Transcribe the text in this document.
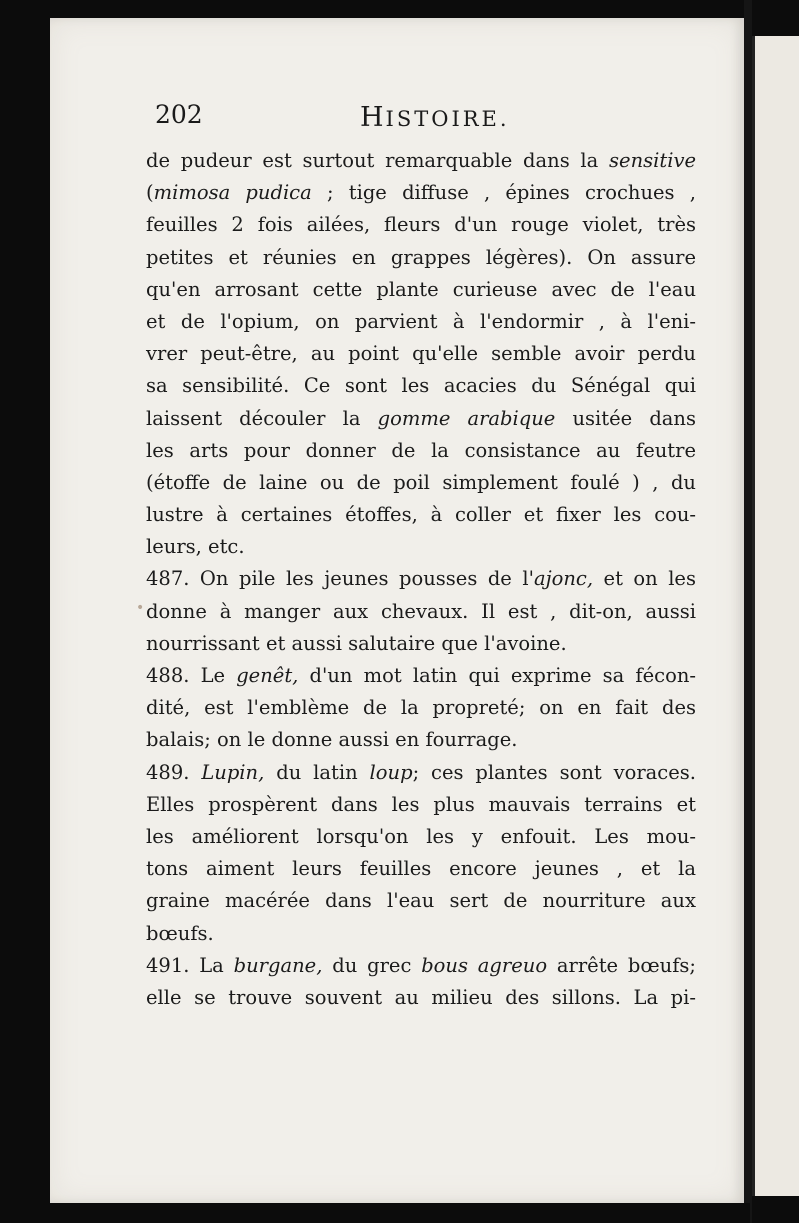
202	HISTOIRE.
•
de pudeur est surtout remarquable dans la sensitive
(mimosa pudica ; tige diffuse , épines crochues ,
feuilles 2 fois ailées, fleurs d'un rouge violet, très
petites et réunies en grappes légères). On assure
qu'en arrosant cette plante curieuse avec de l'eau
et de l'opium, on parvient à l'endormir , à l'eni-
vrer peut-être, au point qu'elle semble avoir perdu
sa sensibilité. Ce sont les acacies du Sénégal qui
laissent découler la gomme arabique usitée dans
les arts pour donner de la consistance au feutre
(étoffe de laine ou de poil simplement foulé ) , du
lustre à certaines étoffes, à coller et fixer les cou-
leurs, etc.
487. On pile les jeunes pousses de l'ajonc, et on les
donne à manger aux chevaux. Il est , dit-on, aussi
nourrissant et aussi salutaire que l'avoine.
488. Le genêt, d'un mot latin qui exprime sa fécon-
dité, est l'emblème de la propreté; on en fait des
balais; on le donne aussi en fourrage.
489. Lupin, du latin loup; ces plantes sont voraces.
Elles prospèrent dans les plus mauvais terrains et
les améliorent lorsqu'on les y enfouit. Les mou-
tons aiment leurs feuilles encore jeunes , et la
graine macérée dans l'eau sert de nourriture aux
bœufs.
491. La burgane, du grec bous agreuo arrête bœufs;
elle se trouve souvent au milieu des sillons. La pi-
